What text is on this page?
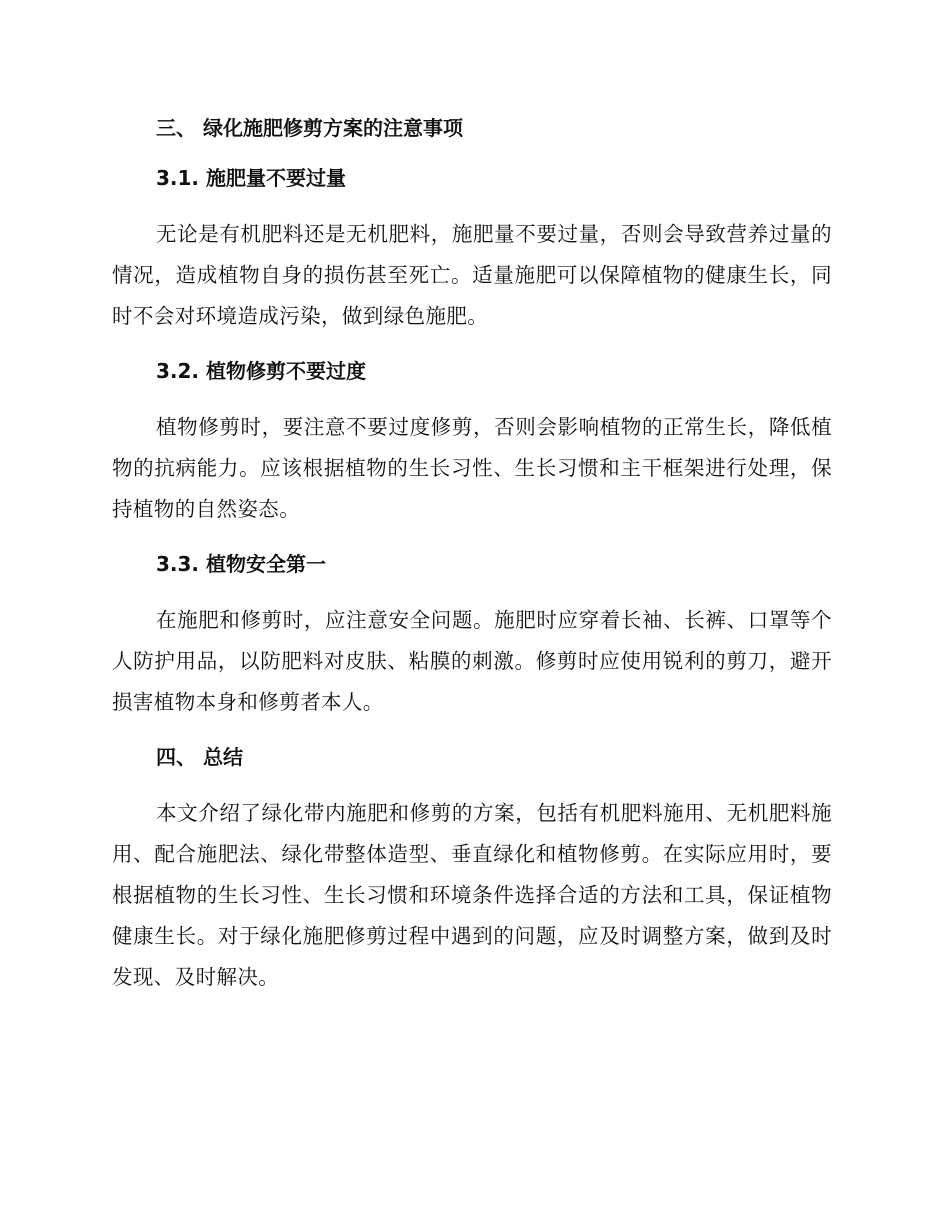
三、 绿化施肥修剪方案的注意事项
3.1. 施肥量不要过量

无论是有机肥料还是无机肥料，施肥量不要过量，否则会导致营养过量的情况，造成植物自身的损伤甚至死亡。适量施肥可以保障植物的健康生长，同时不会对环境造成污染，做到绿色施肥。

3.2. 植物修剪不要过度

植物修剪时，要注意不要过度修剪，否则会影响植物的正常生长，降低植物的抗病能力。应该根据植物的生长习性、生长习惯和主干框架进行处理，保持植物的自然姿态。

3.3. 植物安全第一

在施肥和修剪时，应注意安全问题。施肥时应穿着长袖、长裤、口罩等个人防护用品，以防肥料对皮肤、粘膜的刺激。修剪时应使用锐利的剪刀，避开损害植物本身和修剪者本人。

四、 总结

本文介绍了绿化带内施肥和修剪的方案，包括有机肥料施用、无机肥料施用、配合施肥法、绿化带整体造型、垂直绿化和植物修剪。在实际应用时，要根据植物的生长习性、生长习惯和环境条件选择合适的方法和工具，保证植物健康生长。对于绿化施肥修剪过程中遇到的问题，应及时调整方案，做到及时发现、及时解决。
